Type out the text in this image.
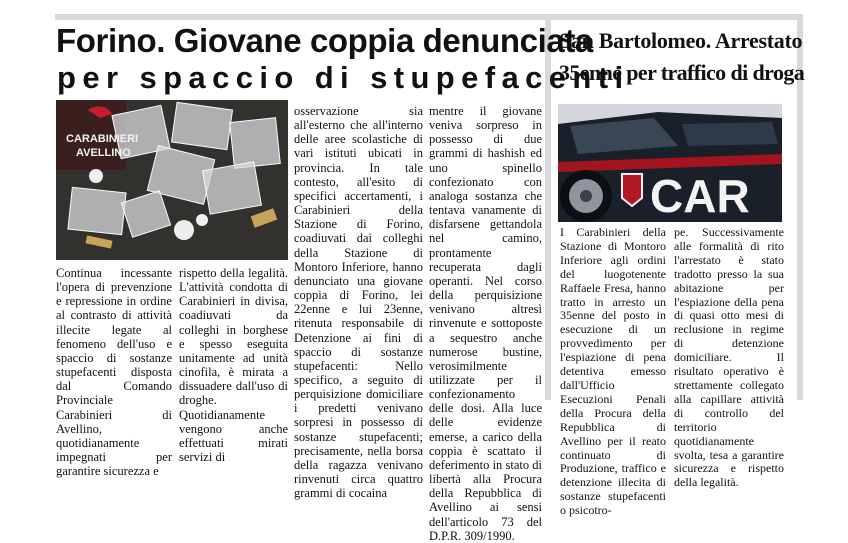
Forino. Giovane coppia denunciata
per spaccio di stupefacenti
CARABINIERI
AVELLINO

Continua incessante l'opera di prevenzione e repressione in ordine al contrasto di attività illecite legate al fenomeno dell'uso e spaccio di sostanze stupefacenti disposta dal Comando Provinciale Carabinieri di Avellino, quotidianamente impegnati per garantire sicurezza e

rispetto della legalità. L'attività condotta di Carabinieri in divisa, coadiuvati da colleghi in borghese e spesso eseguita unitamente ad unità cinofila, è mirata a dissuadere dall'uso di droghe. Quotidianamente vengono anche effettuati mirati servizi di

osservazione sia all'esterno che all'interno delle aree scolastiche di vari istituti ubicati in provincia. In tale contesto, all'esito di specifici accertamenti, i Carabinieri della Stazione di Forino, coadiuvati dai colleghi della Stazione di Montoro Inferiore, hanno denunciato una giovane coppia di Forino, lei 22enne e lui 23enne, ritenuta responsabile di Detenzione ai fini di spaccio di sostanze stupefacenti: Nello specifico, a seguito di perquisizione domiciliare i predetti venivano sorpresi in possesso di sostanze stupefacenti; precisamente, nella borsa della ragazza venivano rinvenuti circa quattro grammi di cocaina

mentre il giovane veniva sorpreso in possesso di due grammi di hashish ed uno spinello confezionato con analoga sostanza che tentava vanamente di disfarsene gettandola nel camino, prontamente recuperata dagli operanti. Nel corso della perquisizione venivano altresì rinvenute e sottoposte a sequestro anche numerose bustine, verosimilmente utilizzate per il confezionamento delle dosi. Alla luce delle evidenze emerse, a carico della coppia è scattato il deferimento in stato di libertà alla Procura della Repubblica di Avellino ai sensi dell'articolo 73 del D.P.R. 309/1990.

San Bartolomeo. Arrestato
35enne per traffico di droga
CAR

I Carabinieri della Stazione di Montoro Inferiore agli ordini del luogotenente Raffaele Fresa, hanno tratto in arresto un 35enne del posto in esecuzione di un provvedimento per l'espiazione di pena detentiva emesso dall'Ufficio Esecuzioni Penali della Procura della Repubblica di Avellino per il reato continuato di Produzione, traffico e detenzione illecita di sostanze stupefacenti o psicotro-

pe. Successivamente alle formalità di rito l'arrestato è stato tradotto presso la sua abitazione per l'espiazione della pena di quasi otto mesi di reclusione in regime di detenzione domiciliare. Il risultato operativo è strettamente collegato alla capillare attività di controllo del territorio quotidianamente svolta, tesa a garantire sicurezza e rispetto della legalità.
